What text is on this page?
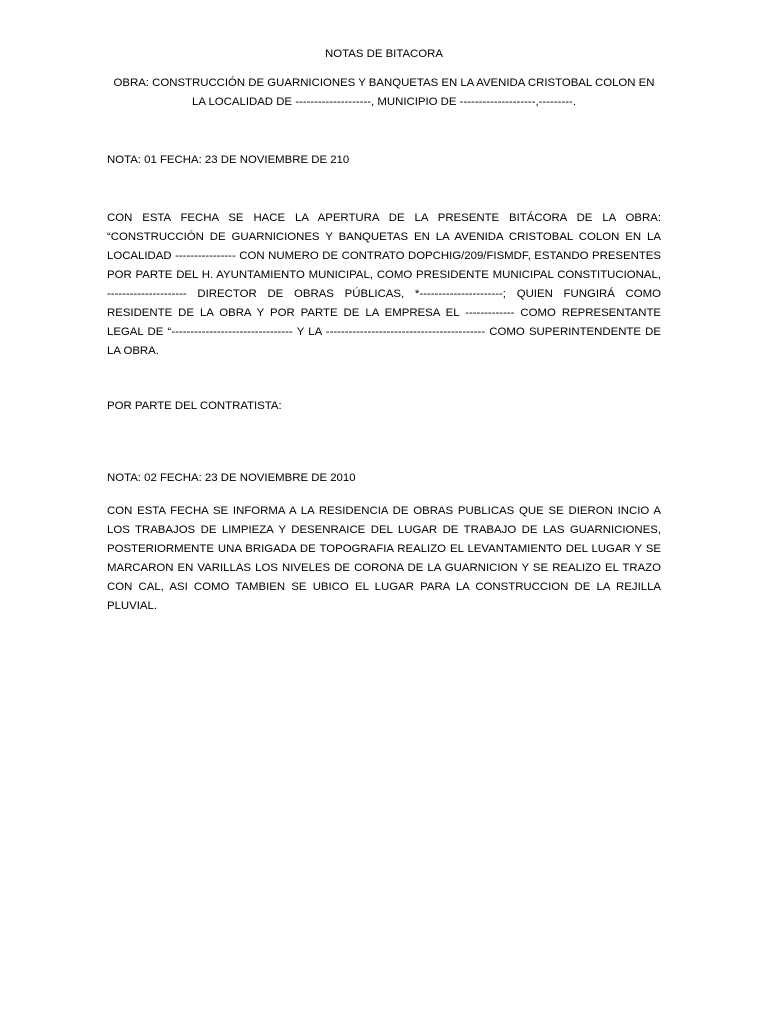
NOTAS DE BITACORA

OBRA: CONSTRUCCIÓN DE GUARNICIONES Y BANQUETAS EN LA AVENIDA CRISTOBAL COLON EN

LA LOCALIDAD DE --------------------, MUNICIPIO DE --------------------,---------.

NOTA: 01 FECHA: 23 DE NOVIEMBRE DE 210

CON ESTA FECHA SE HACE LA APERTURA DE LA PRESENTE BITÁCORA DE LA OBRA: “CONSTRUCCIÓN DE GUARNICIONES Y BANQUETAS EN LA AVENIDA CRISTOBAL COLON EN LA LOCALIDAD ---------------- CON NUMERO DE CONTRATO DOPCHIG/209/FISMDF, ESTANDO PRESENTES POR PARTE DEL H. AYUNTAMIENTO MUNICIPAL, COMO PRESIDENTE MUNICIPAL CONSTITUCIONAL, --------------------- DIRECTOR DE OBRAS PÚBLICAS, *----------------------; QUIEN FUNGIRÁ COMO RESIDENTE DE LA OBRA Y POR PARTE DE LA EMPRESA EL ------------- COMO REPRESENTANTE LEGAL DE “-------------------------------- Y LA ------------------------------------------ COMO SUPERINTENDENTE DE LA OBRA.

POR PARTE DEL CONTRATISTA:

NOTA: 02 FECHA: 23 DE NOVIEMBRE DE 2010

CON ESTA FECHA SE INFORMA A LA RESIDENCIA DE OBRAS PUBLICAS QUE SE DIERON INCIO A LOS TRABAJOS DE LIMPIEZA Y DESENRAICE DEL LUGAR DE TRABAJO DE LAS GUARNICIONES, POSTERIORMENTE UNA BRIGADA DE TOPOGRAFIA REALIZO EL LEVANTAMIENTO DEL LUGAR Y SE MARCARON EN VARILLAS LOS NIVELES DE CORONA DE LA GUARNICION Y SE REALIZO EL TRAZO CON CAL, ASI COMO TAMBIEN SE UBICO EL LUGAR PARA LA CONSTRUCCION DE LA REJILLA PLUVIAL.
